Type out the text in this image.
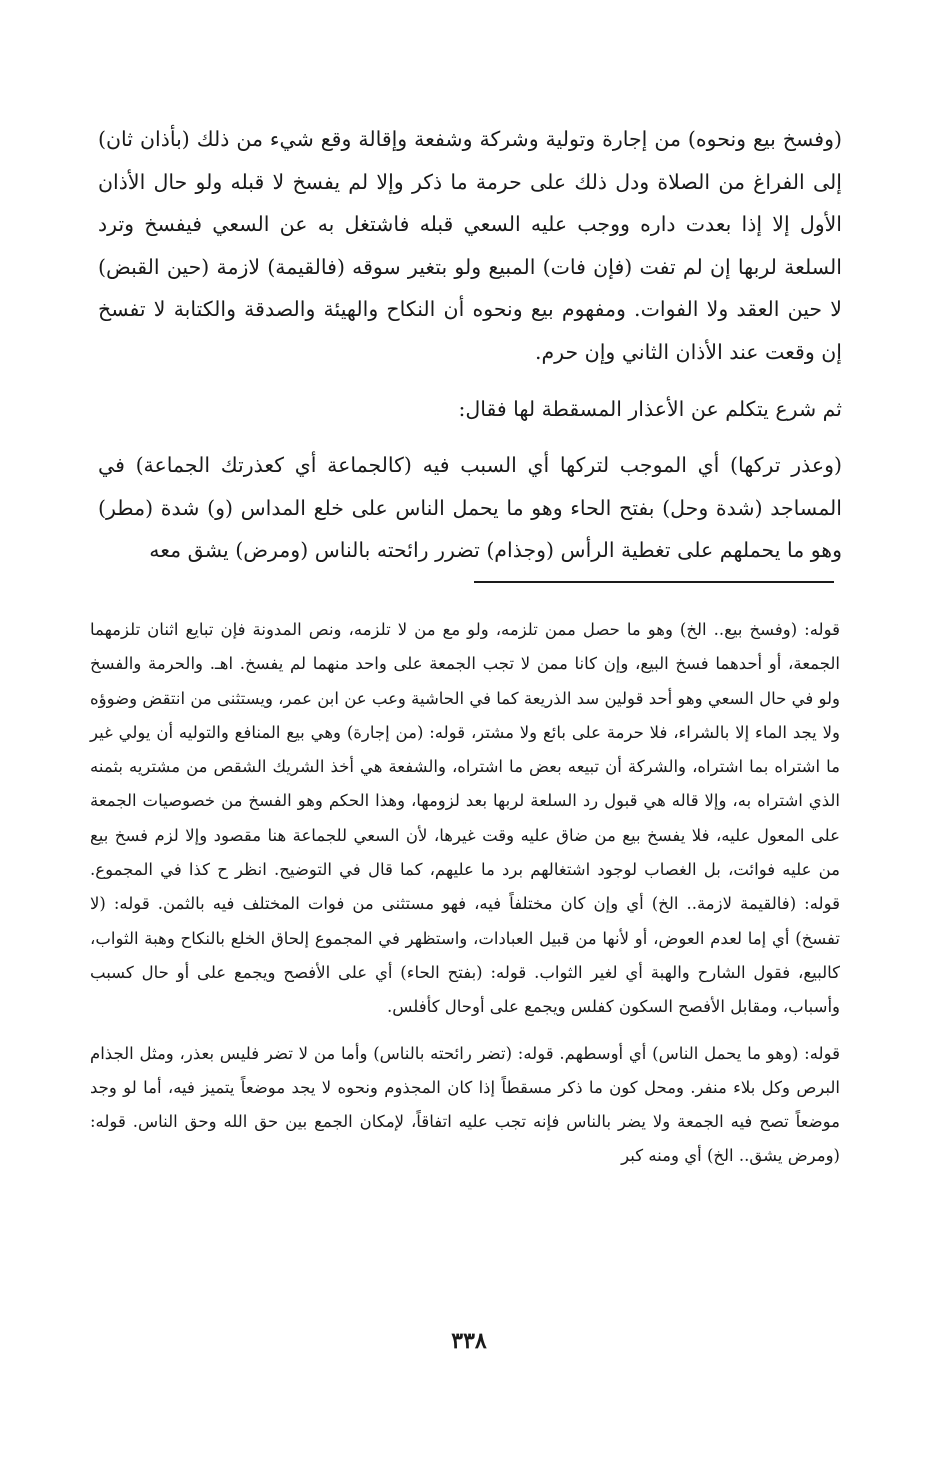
(وفسخ بيع ونحوه) من إجارة وتولية وشركة وشفعة وإقالة وقع شيء من ذلك (بأذان ثان) إلى الفراغ من الصلاة ودل ذلك على حرمة ما ذكر وإلا لم يفسخ لا قبله ولو حال الأذان الأول إلا إذا بعدت داره ووجب عليه السعي قبله فاشتغل به عن السعي فيفسخ وترد السلعة لربها إن لم تفت (فإن فات) المبيع ولو بتغير سوقه (فالقيمة) لازمة (حين القبض) لا حين العقد ولا الفوات. ومفهوم بيع ونحوه أن النكاح والهيئة والصدقة والكتابة لا تفسخ إن وقعت عند الأذان الثاني وإن حرم.

ثم شرع يتكلم عن الأعذار المسقطة لها فقال:

(وعذر تركها) أي الموجب لتركها أي السبب فيه (كالجماعة أي كعذرتك الجماعة) في المساجد (شدة وحل) بفتح الحاء وهو ما يحمل الناس على خلع المداس (و) شدة (مطر) وهو ما يحملهم على تغطية الرأس (وجذام) تضرر رائحته بالناس (ومرض) يشق معه

قوله: (وفسخ بيع.. الخ) وهو ما حصل ممن تلزمه، ولو مع من لا تلزمه، ونص المدونة فإن تبايع اثنان تلزمهما الجمعة، أو أحدهما فسخ البيع، وإن كانا ممن لا تجب الجمعة على واحد منهما لم يفسخ. اهـ. والحرمة والفسخ ولو في حال السعي وهو أحد قولين سد الذريعة كما في الحاشية وعب عن ابن عمر، ويستثنى من انتقض وضوؤه ولا يجد الماء إلا بالشراء، فلا حرمة على بائع ولا مشتر، قوله: (من إجارة) وهي بيع المنافع والتوليه أن يولي غير ما اشتراه بما اشتراه، والشركة أن تبيعه بعض ما اشتراه، والشفعة هي أخذ الشريك الشقص من مشتريه بثمنه الذي اشتراه به، وإلا قاله هي قبول رد السلعة لربها بعد لزومها، وهذا الحكم وهو الفسخ من خصوصيات الجمعة على المعول عليه، فلا يفسخ بيع من ضاق عليه وقت غيرها، لأن السعي للجماعة هنا مقصود وإلا لزم فسخ بيع من عليه فوائت، بل الغصاب لوجود اشتغالهم برد ما عليهم، كما قال في التوضيح. انظر ح كذا في المجموع. قوله: (فالقيمة لازمة.. الخ) أي وإن كان مختلفاً فيه، فهو مستثنى من فوات المختلف فيه بالثمن. قوله: (لا تفسخ) أي إما لعدم العوض، أو لأنها من قبيل العبادات، واستظهر في المجموع إلحاق الخلع بالنكاح وهبة الثواب، كالبيع، فقول الشارح والهبة أي لغير الثواب. قوله: (بفتح الحاء) أي على الأفصح ويجمع على أو حال كسبب وأسباب، ومقابل الأفصح السكون كفلس ويجمع على أوحال كأفلس.

قوله: (وهو ما يحمل الناس) أي أوسطهم. قوله: (تضر رائحته بالناس) وأما من لا تضر فليس بعذر، ومثل الجذام البرص وكل بلاء منفر. ومحل كون ما ذكر مسقطاً إذا كان المجذوم ونحوه لا يجد موضعاً يتميز فيه، أما لو وجد موضعاً تصح فيه الجمعة ولا يضر بالناس فإنه تجب عليه اتفاقاً، لإمكان الجمع بين حق الله وحق الناس. قوله: (ومرض يشق.. الخ) أي ومنه كبر

٣٣٨
